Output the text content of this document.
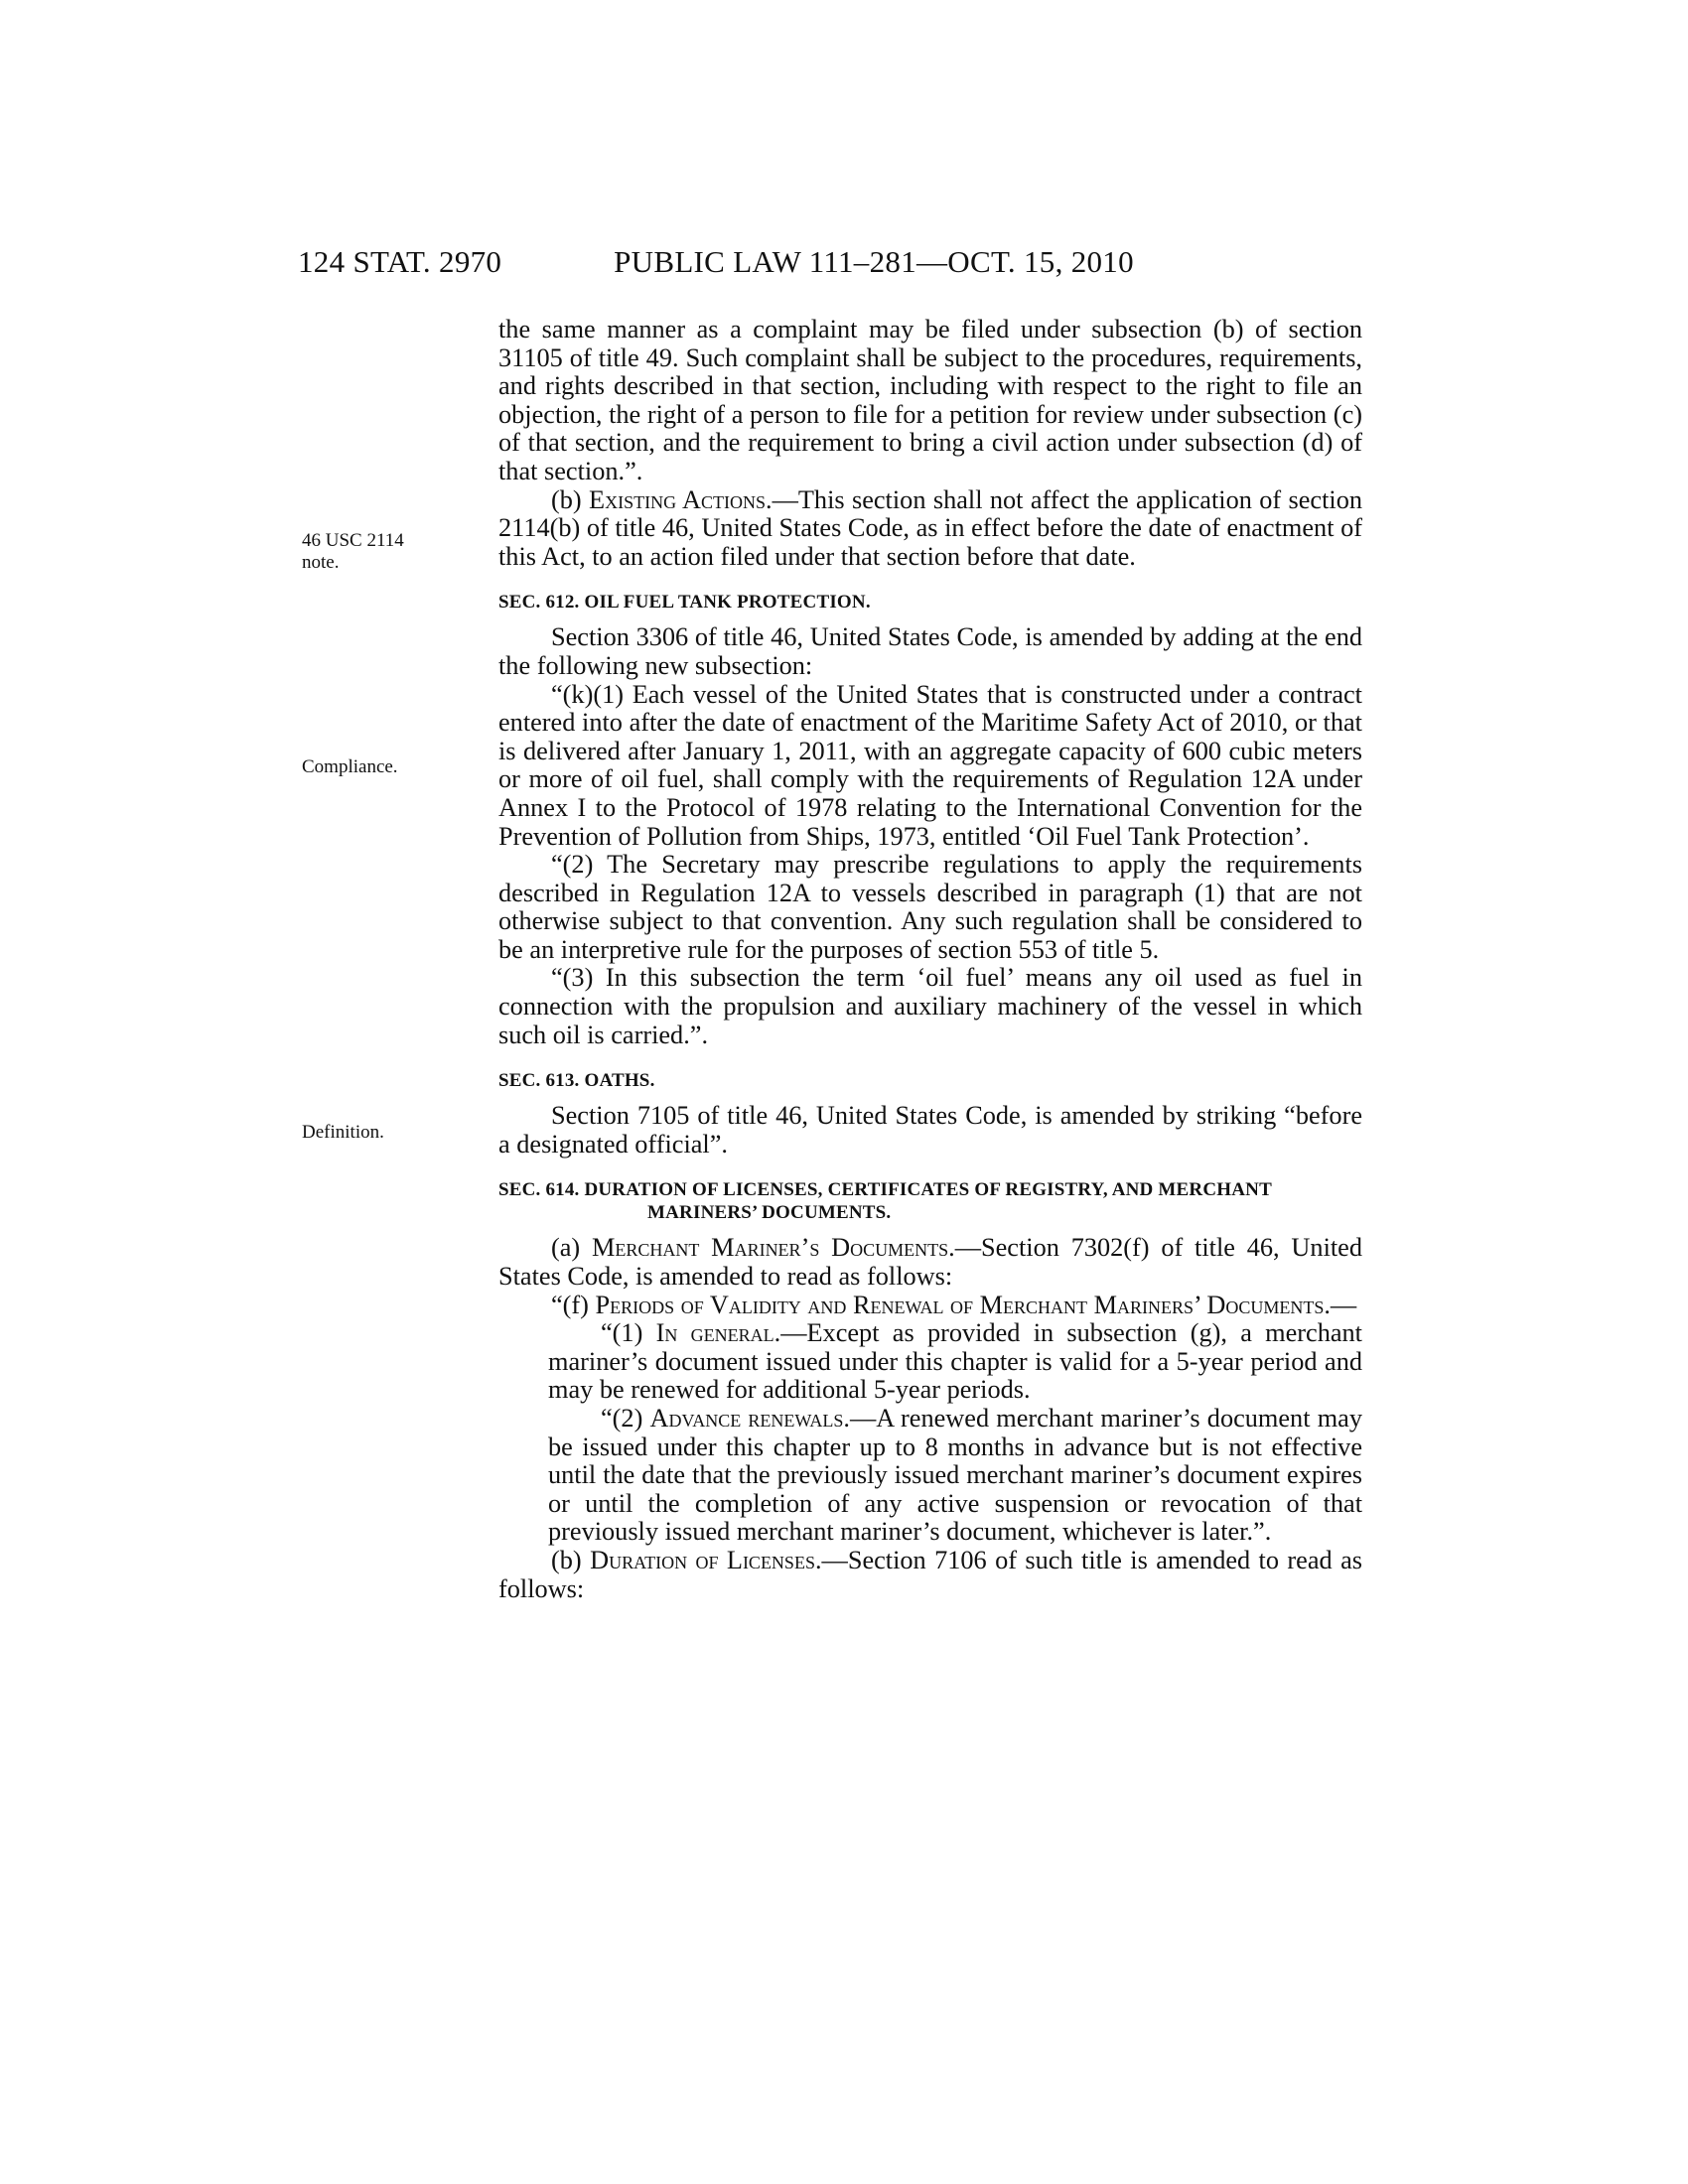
124 STAT. 2970	PUBLIC LAW 111–281—OCT. 15, 2010
46 USC 2114
note.
Compliance.
Definition.

the same manner as a complaint may be filed under subsection (b) of section 31105 of title 49. Such complaint shall be subject to the procedures, requirements, and rights described in that section, including with respect to the right to file an objection, the right of a person to file for a petition for review under subsection (c) of that section, and the requirement to bring a civil action under subsection (d) of that section.”.

(b) Existing Actions.—This section shall not affect the application of section 2114(b) of title 46, United States Code, as in effect before the date of enactment of this Act, to an action filed under that section before that date.

SEC. 612. OIL FUEL TANK PROTECTION.

Section 3306 of title 46, United States Code, is amended by adding at the end the following new subsection:

“(k)(1) Each vessel of the United States that is constructed under a contract entered into after the date of enactment of the Maritime Safety Act of 2010, or that is delivered after January 1, 2011, with an aggregate capacity of 600 cubic meters or more of oil fuel, shall comply with the requirements of Regulation 12A under Annex I to the Protocol of 1978 relating to the International Convention for the Prevention of Pollution from Ships, 1973, entitled ‘Oil Fuel Tank Protection’.

“(2) The Secretary may prescribe regulations to apply the requirements described in Regulation 12A to vessels described in paragraph (1) that are not otherwise subject to that convention. Any such regulation shall be considered to be an interpretive rule for the purposes of section 553 of title 5.

“(3) In this subsection the term ‘oil fuel’ means any oil used as fuel in connection with the propulsion and auxiliary machinery of the vessel in which such oil is carried.”.

SEC. 613. OATHS.

Section 7105 of title 46, United States Code, is amended by striking “before a designated official”.

SEC. 614. DURATION OF LICENSES, CERTIFICATES OF REGISTRY, AND MERCHANT MARINERS’ DOCUMENTS.

(a) Merchant Mariner’s Documents.—Section 7302(f) of title 46, United States Code, is amended to read as follows:

“(f) Periods of Validity and Renewal of Merchant Mariners’ Documents.—

“(1) In general.—Except as provided in subsection (g), a merchant mariner’s document issued under this chapter is valid for a 5-year period and may be renewed for additional 5-year periods.

“(2) Advance renewals.—A renewed merchant mariner’s document may be issued under this chapter up to 8 months in advance but is not effective until the date that the previously issued merchant mariner’s document expires or until the completion of any active suspension or revocation of that previously issued merchant mariner’s document, whichever is later.”.

(b) Duration of Licenses.—Section 7106 of such title is amended to read as follows:
